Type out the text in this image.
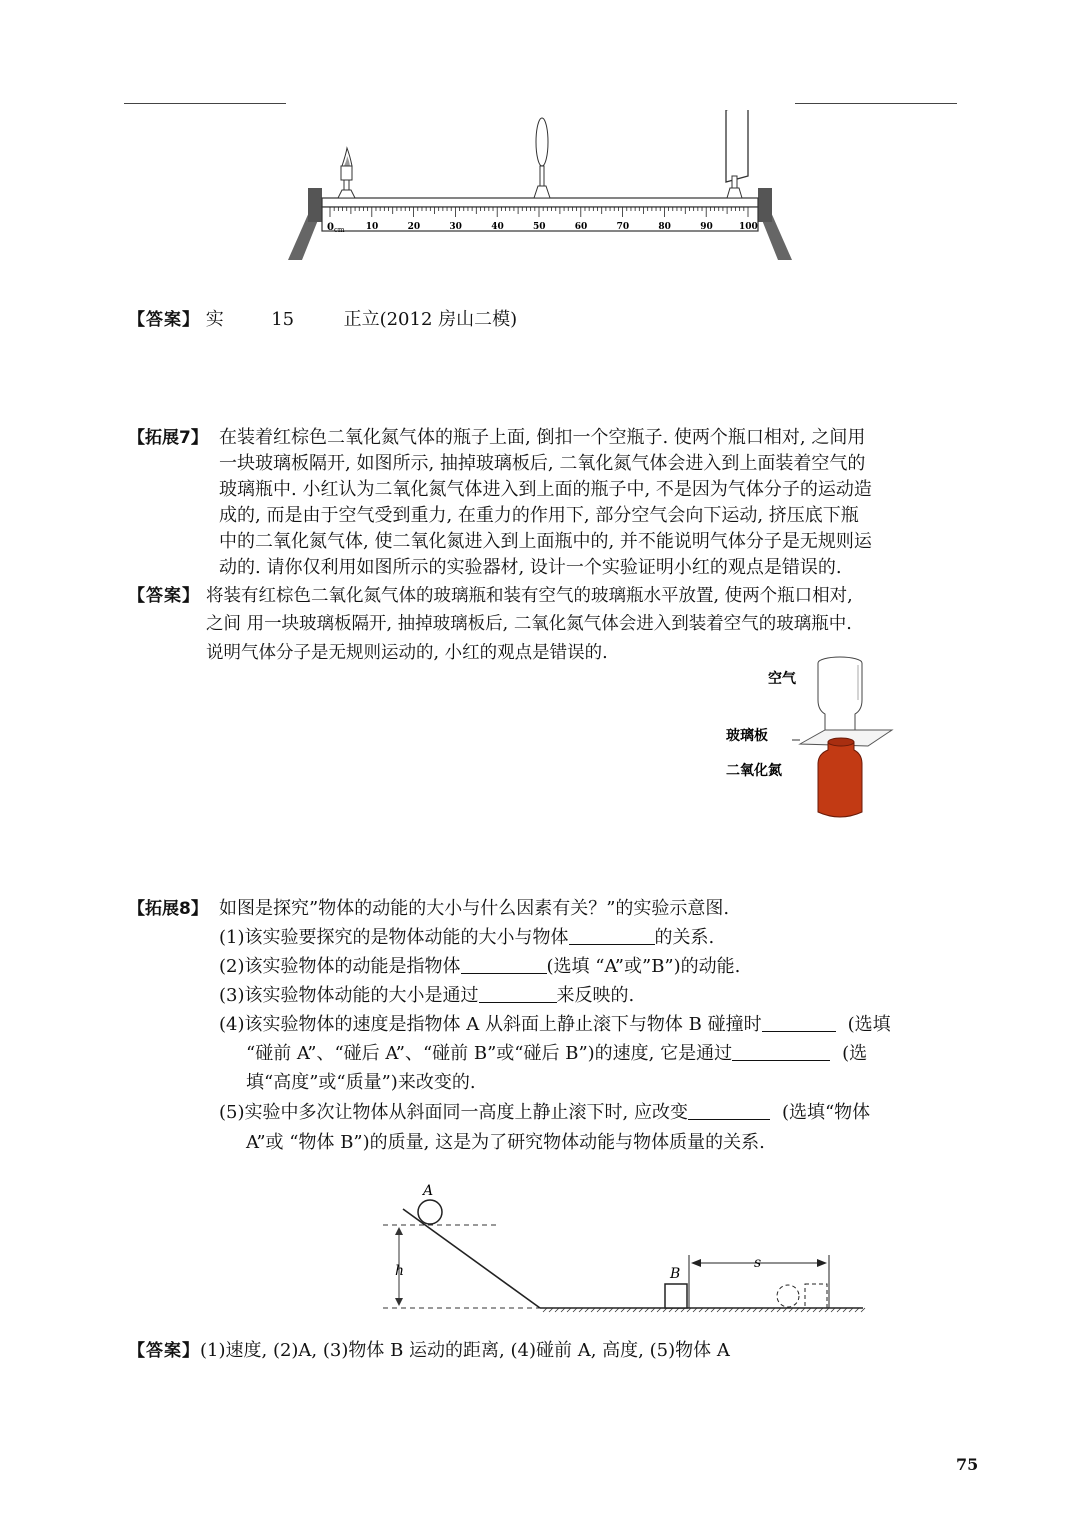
10	20	30	40	50	60	70	80	90	100
0 cm
【答案】 实	15	正立(2012 房山二模)
【拓展7】 在装着红棕色二氧化氮气体的瓶子上面, 倒扣一个空瓶子. 使两个瓶口相对, 之间用
一块玻璃板隔开, 如图所示, 抽掉玻璃板后, 二氧化氮气体会进入到上面装着空气的
玻璃瓶中. 小红认为二氧化氮气体进入到上面的瓶子中, 不是因为气体分子的运动造
成的, 而是由于空气受到重力, 在重力的作用下, 部分空气会向下运动, 挤压底下瓶
中的二氧化氮气体, 使二氧化氮进入到上面瓶中的, 并不能说明气体分子是无规则运
动的. 请你仅利用如图所示的实验器材, 设计一个实验证明小红的观点是错误的.
【答案】 将装有红棕色二氧化氮气体的玻璃瓶和装有空气的玻璃瓶水平放置, 使两个瓶口相对,
之间 用一块玻璃板隔开, 抽掉玻璃板后, 二氧化氮气体会进入到装着空气的玻璃瓶中.
说明气体分子是无规则运动的, 小红的观点是错误的.
空气
玻璃板
二氧化氮
【拓展8】 如图是探究”物体的动能的大小与什么因素有关？”的实验示意图.
(1)该实验要探究的是物体动能的大小与物体	的关系.
(2)该实验物体的动能是指物体	(选填 “A”或”B”)的动能.
(3)该实验物体动能的大小是通过	来反映的.
(4)该实验物体的速度是指物体 A 从斜面上静止滚下与物体 B 碰撞时	(选填
“碰前 A”、“碰后 A”、“碰前 B”或“碰后 B”)的速度, 它是通过	(选
填“高度”或“质量”)来改变的.
(5)实验中多次让物体从斜面同一高度上静止滚下时, 应改变	(选填“物体
A”或 “物体 B”)的质量, 这是为了研究物体动能与物体质量的关系.
h
A
B
s
【答案】(1)速度, (2)A, (3)物体 B 运动的距离, (4)碰前 A, 高度, (5)物体 A
75
